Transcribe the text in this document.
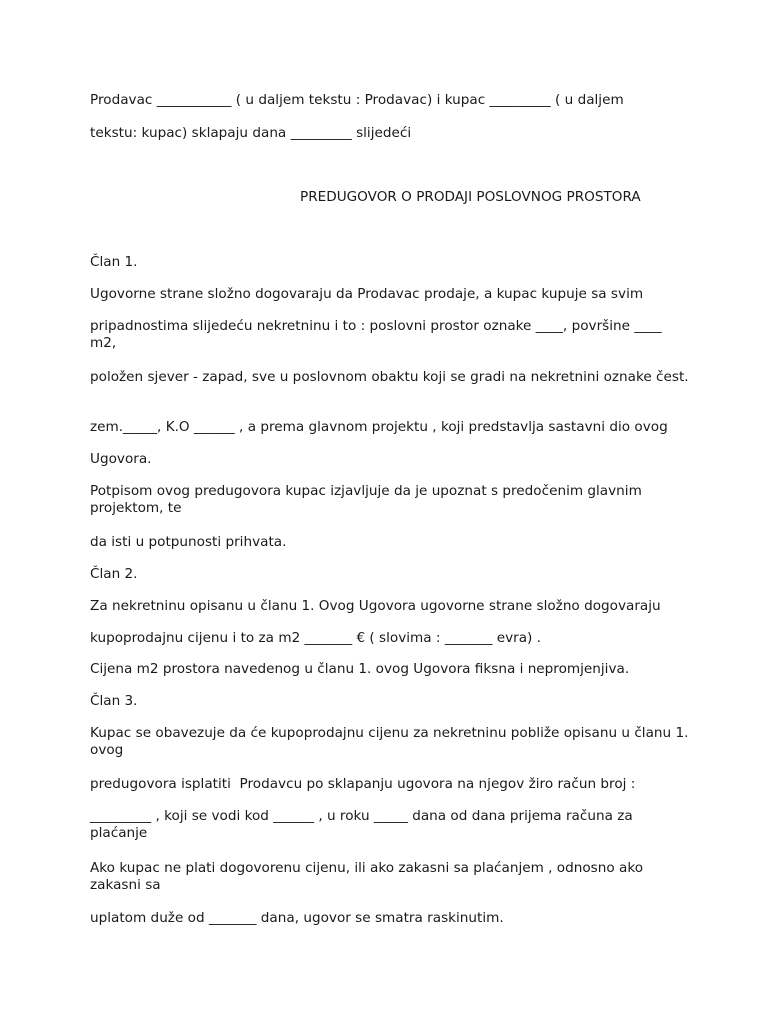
Prodavac ___________ ( u daljem tekstu : Prodavac) i kupac _________ ( u daljem

tekstu: kupac) sklapaju dana _________ slijedeći

PREDUGOVOR O PRODAJI POSLOVNOG PROSTORA

Član 1.

Ugovorne strane složno dogovaraju da Prodavac prodaje, a kupac kupuje sa svim

pripadnostima slijedeću nekretninu i to : poslovni prostor oznake ____, površine ____ m2,

položen sjever - zapad, sve u poslovnom obaktu koji se gradi na nekretnini oznake čest.

zem._____, K.O ______ , a prema glavnom projektu , koji predstavlja sastavni dio ovog

Ugovora.

Potpisom ovog predugovora kupac izjavljuje da je upoznat s predočenim glavnim projektom, te

da isti u potpunosti prihvata.

Član 2.

Za nekretninu opisanu u članu 1. Ovog Ugovora ugovorne strane složno dogovaraju

kupoprodajnu cijenu i to za m2 _______ € ( slovima : _______ evra) .

Cijena m2 prostora navedenog u članu 1. ovog Ugovora fiksna i nepromjenjiva.

Član 3.

Kupac se obavezuje da će kupoprodajnu cijenu za nekretninu pobliže opisanu u članu 1. ovog

predugovora isplatiti  Prodavcu po sklapanju ugovora na njegov žiro račun broj :

_________ , koji se vodi kod ______ , u roku _____ dana od dana prijema računa za plaćanje

Ako kupac ne plati dogovorenu cijenu, ili ako zakasni sa plaćanjem , odnosno ako zakasni sa

uplatom duže od _______ dana, ugovor se smatra raskinutim.
